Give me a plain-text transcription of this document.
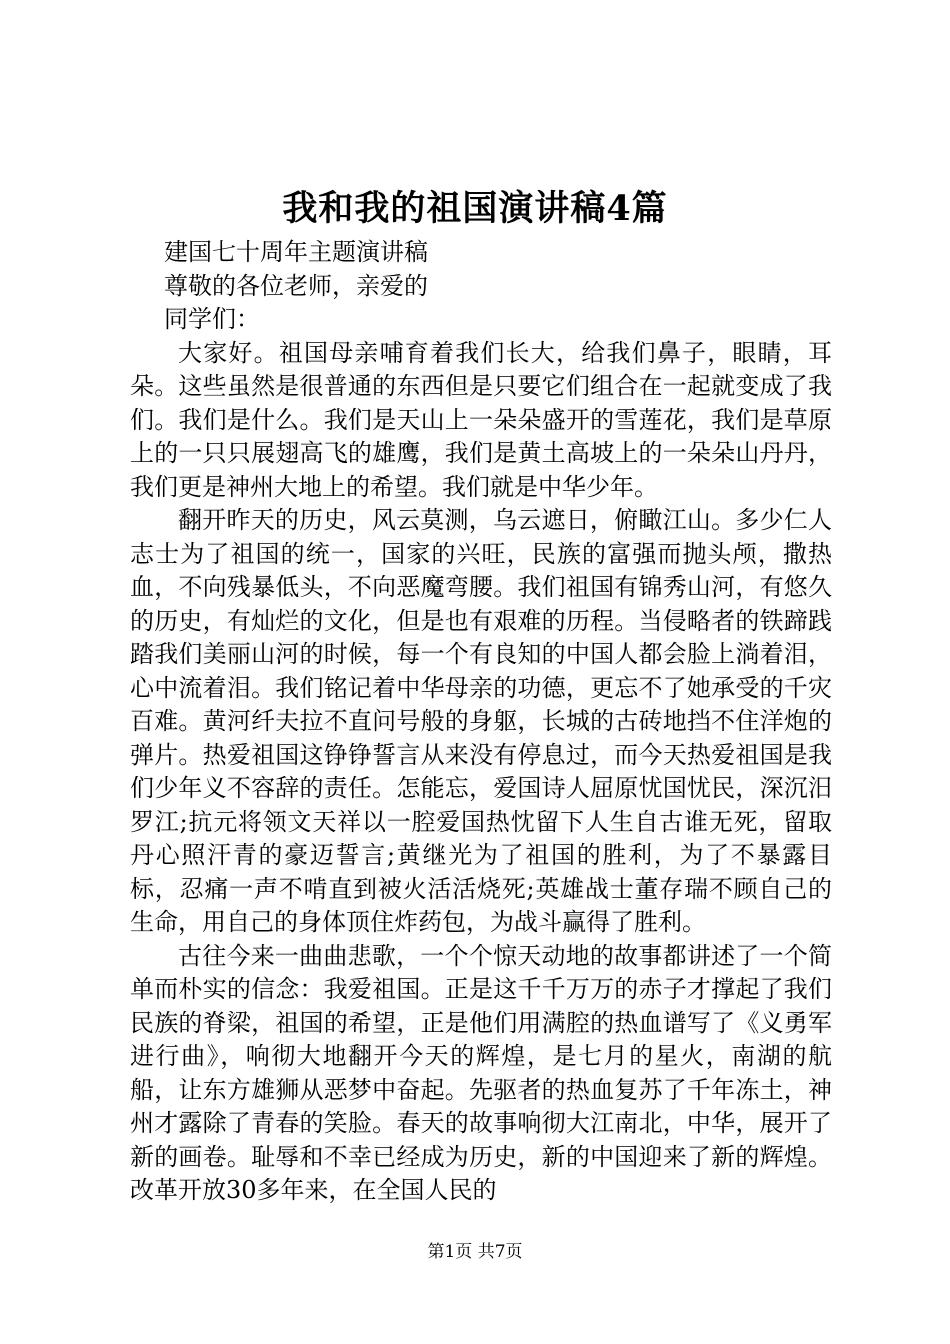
我和我的祖国演讲稿4篇

建国七十周年主题演讲稿

尊敬的各位老师，亲爱的

同学们：

大家好。祖国母亲哺育着我们长大，给我们鼻子，眼睛，耳朵。这些虽然是很普通的东西但是只要它们组合在一起就变成了我们。我们是什么。我们是天山上一朵朵盛开的雪莲花，我们是草原上的一只只展翅高飞的雄鹰，我们是黄土高坡上的一朵朵山丹丹，我们更是神州大地上的希望。我们就是中华少年。

翻开昨天的历史，风云莫测，乌云遮日，俯瞰江山。多少仁人志士为了祖国的统一，国家的兴旺，民族的富强而抛头颅，撒热血，不向残暴低头，不向恶魔弯腰。我们祖国有锦秀山河，有悠久的历史，有灿烂的文化，但是也有艰难的历程。当侵略者的铁蹄践踏我们美丽山河的时候，每一个有良知的中国人都会脸上淌着泪，心中流着泪。我们铭记着中华母亲的功德，更忘不了她承受的千灾百难。黄河纤夫拉不直问号般的身躯，长城的古砖地挡不住洋炮的弹片。热爱祖国这铮铮誓言从来没有停息过，而今天热爱祖国是我们少年义不容辞的责任。怎能忘，爱国诗人屈原忧国忧民，深沉汨罗江;抗元将领文天祥以一腔爱国热忱留下人生自古谁无死，留取丹心照汗青的豪迈誓言;黄继光为了祖国的胜利，为了不暴露目标，忍痛一声不啃直到被火活活烧死;英雄战士董存瑞不顾自己的生命，用自己的身体顶住炸药包，为战斗赢得了胜利。

古往今来一曲曲悲歌，一个个惊天动地的故事都讲述了一个简单而朴实的信念：我爱祖国。正是这千千万万的赤子才撑起了我们民族的脊梁，祖国的希望，正是他们用满腔的热血谱写了《义勇军进行曲》，响彻大地翻开今天的辉煌，是七月的星火，南湖的航船，让东方雄狮从恶梦中奋起。先驱者的热血复苏了千年冻土，神州才露除了青春的笑脸。春天的故事响彻大江南北，中华，展开了新的画卷。耻辱和不幸已经成为历史，新的中国迎来了新的辉煌。改革开放30多年来，在全国人民的

第1页 共7页
